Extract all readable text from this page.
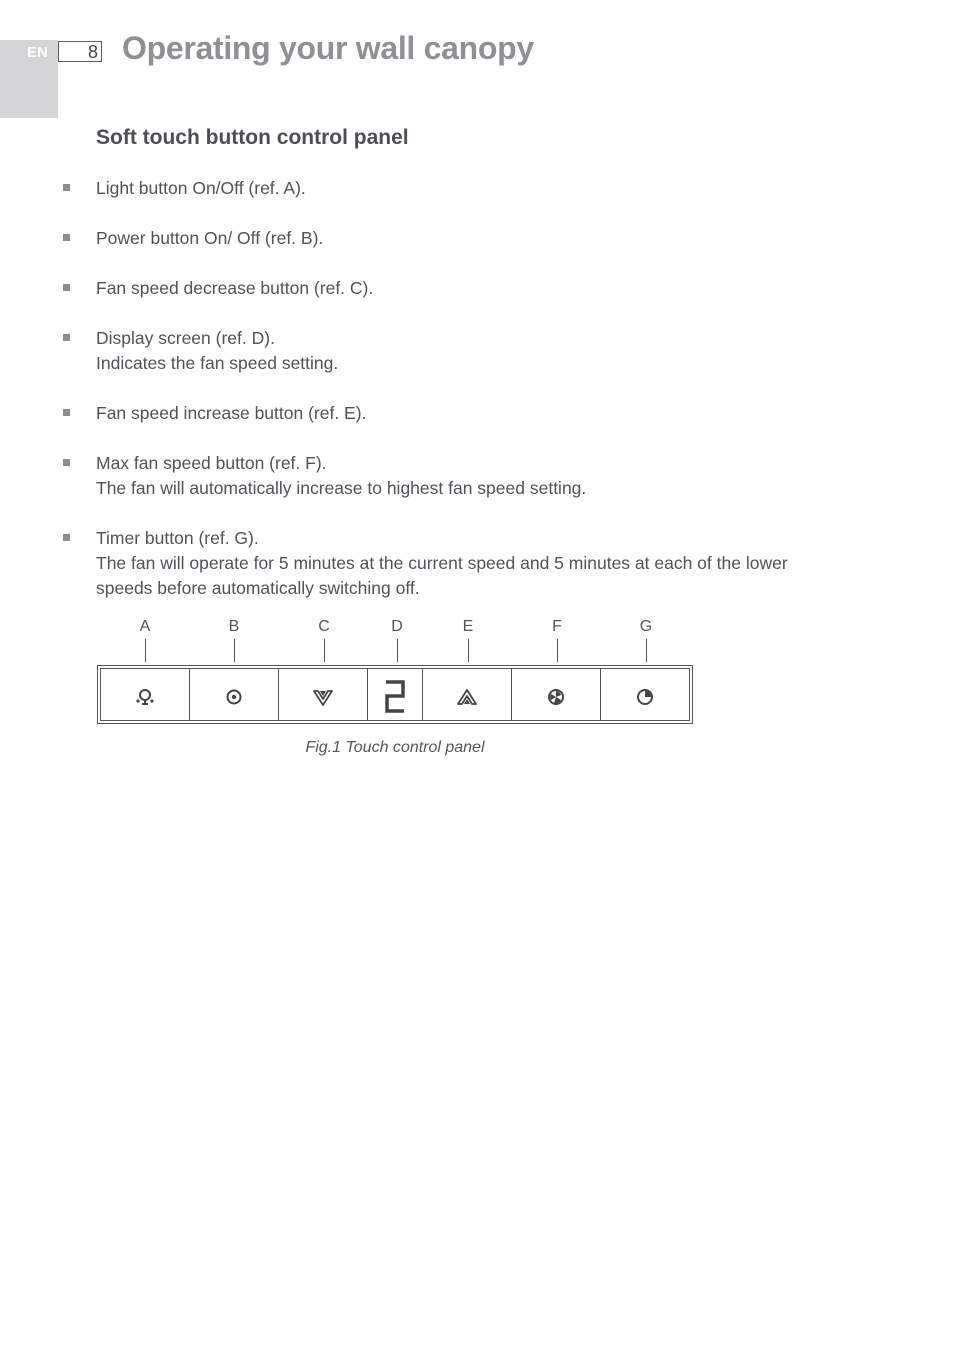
EN 8 Operating your wall canopy
Soft touch button control panel
Light button On/Off (ref. A).
Power button On/ Off (ref. B).
Fan speed decrease button (ref. C).
Display screen (ref. D).
Indicates the fan speed setting.
Fan speed increase button (ref. E).
Max fan speed button (ref. F).
The fan will automatically increase to highest fan speed setting.
Timer button (ref. G).
The fan will operate for 5 minutes at the current speed and 5 minutes at each of the lower
speeds before automatically switching off.
A	B	C	D	E	F	G
Fig.1 Touch control panel
